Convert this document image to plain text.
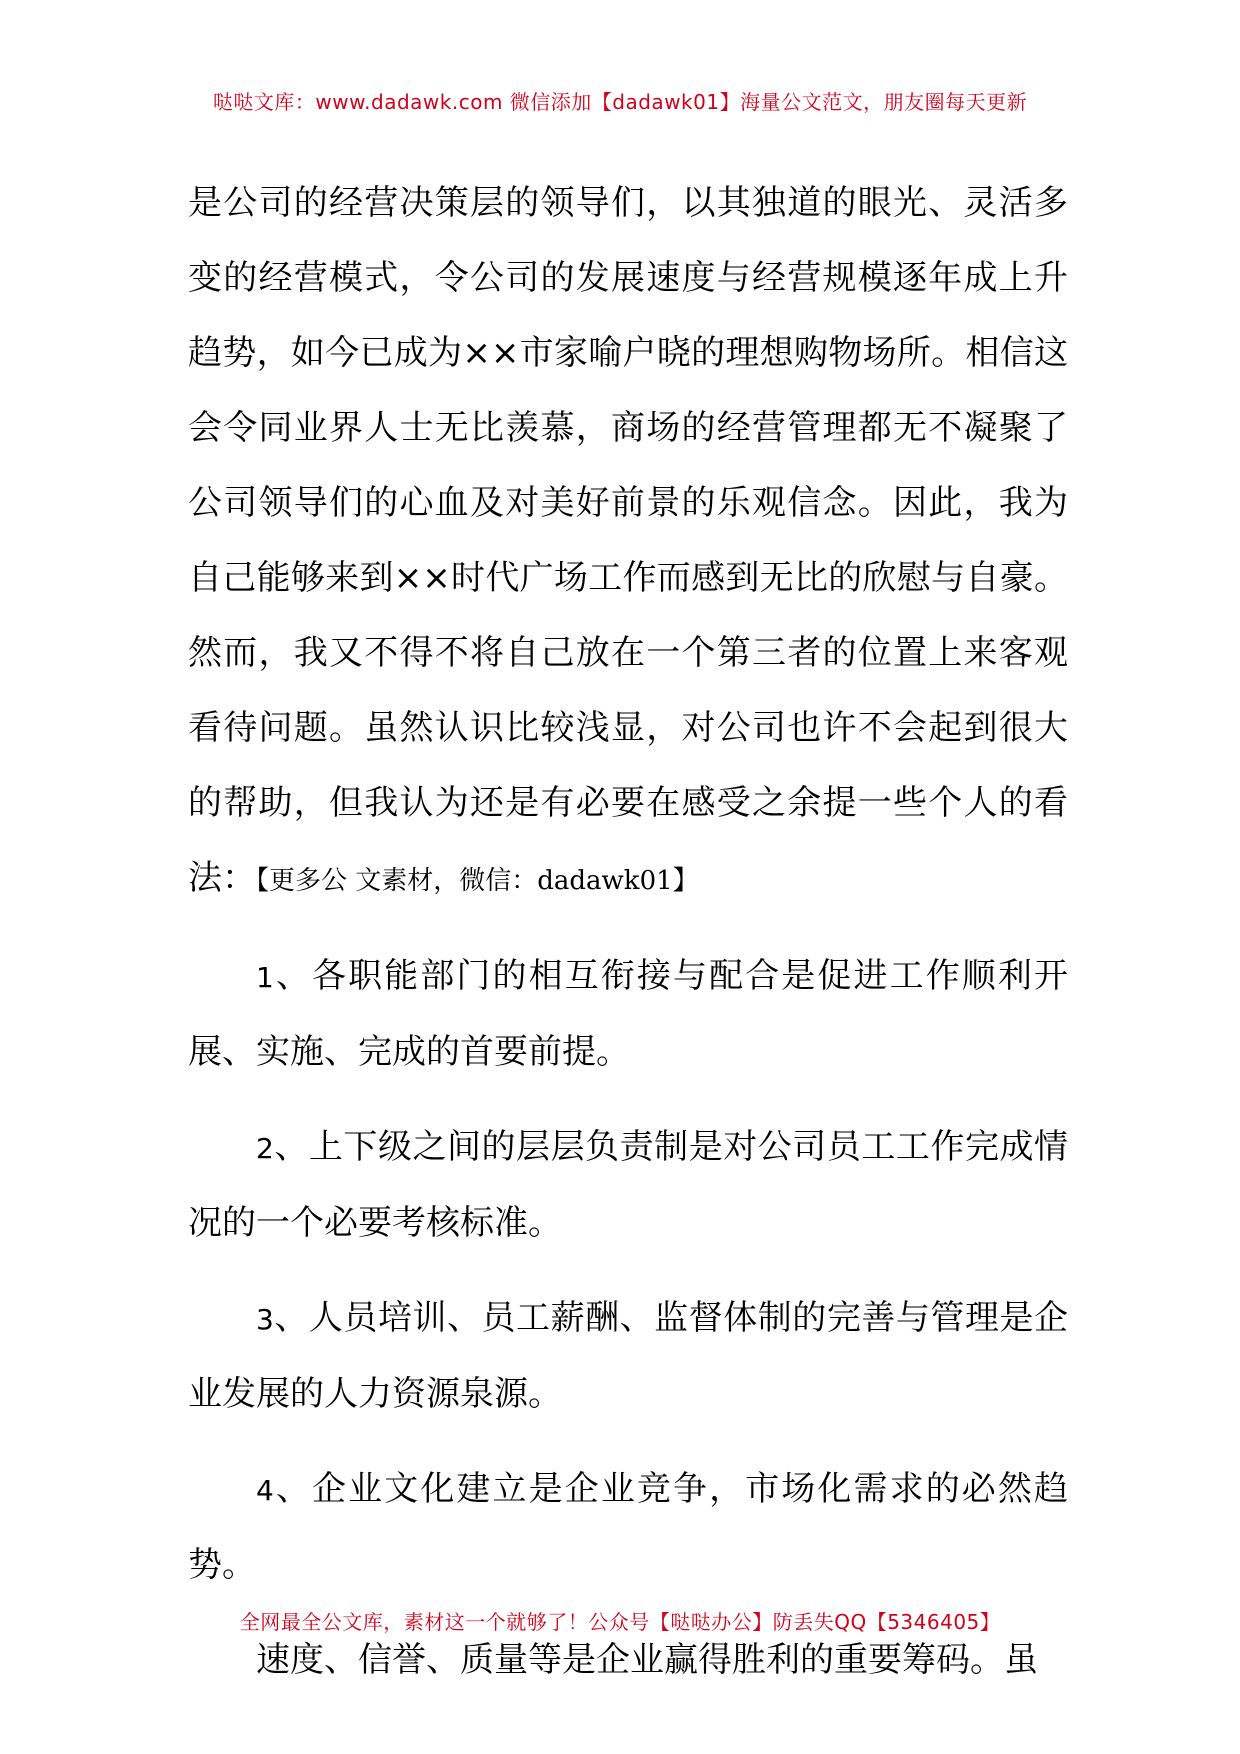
哒哒文库：www.dadawk.com 微信添加【dadawk01】海量公文范文，朋友圈每天更新

是公司的经营决策层的领导们，以其独道的眼光、灵活多变的经营模式，令公司的发展速度与经营规模逐年成上升趋势，如今已成为××市家喻户晓的理想购物场所。相信这会令同业界人士无比羡慕，商场的经营管理都无不凝聚了公司领导们的心血及对美好前景的乐观信念。因此，我为自己能够来到××时代广场工作而感到无比的欣慰与自豪。然而，我又不得不将自己放在一个第三者的位置上来客观看待问题。虽然认识比较浅显，对公司也许不会起到很大的帮助，但我认为还是有必要在感受之余提一些个人的看法：【更多公 文素材，微信：dadawk01】

1、各职能部门的相互衔接与配合是促进工作顺利开展、实施、完成的首要前提。

2、上下级之间的层层负责制是对公司员工工作完成情况的一个必要考核标准。

3、人员培训、员工薪酬、监督体制的完善与管理是企业发展的人力资源泉源。

4、企业文化建立是企业竞争，市场化需求的必然趋势。

速度、信誉、质量等是企业赢得胜利的重要筹码。虽

全网最全公文库，素材这一个就够了！公众号【哒哒办公】防丢失QQ【5346405】
